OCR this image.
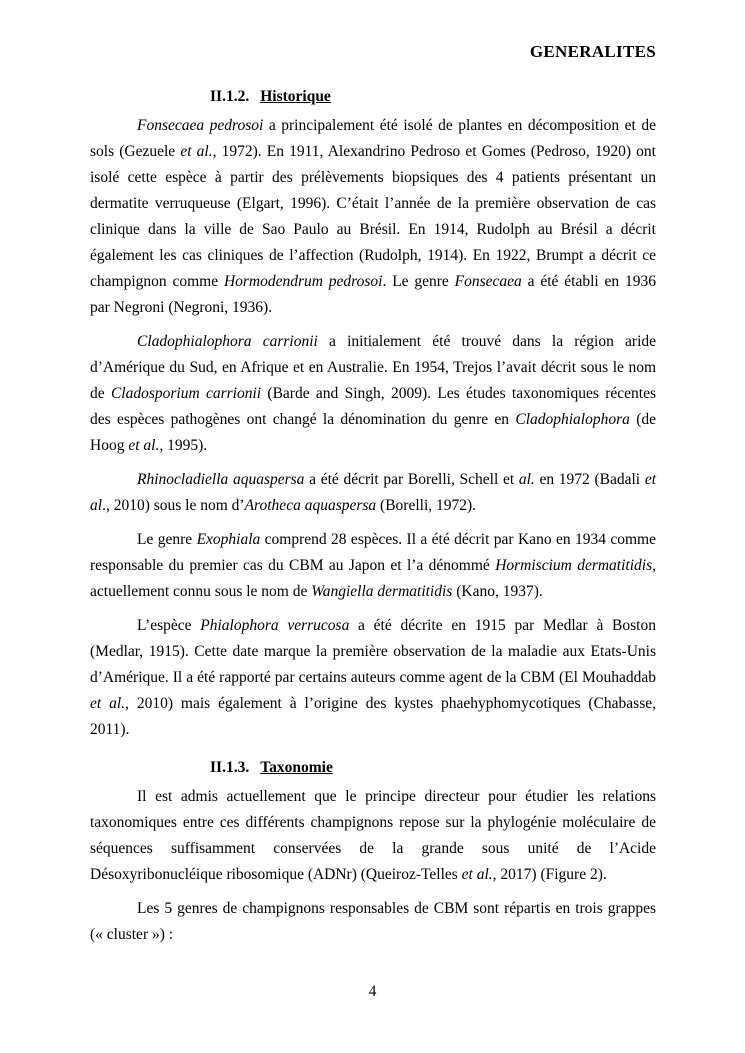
GENERALITES
II.1.2. Historique

Fonsecaea pedrosoi a principalement été isolé de plantes en décomposition et de sols (Gezuele et al., 1972). En 1911, Alexandrino Pedroso et Gomes (Pedroso, 1920) ont isolé cette espèce à partir des prélèvements biopsiques des 4 patients présentant un dermatite verruqueuse (Elgart, 1996). C’était l’année de la première observation de cas clinique dans la ville de Sao Paulo au Brésil. En 1914, Rudolph au Brésil a décrit également les cas cliniques de l’affection (Rudolph, 1914). En 1922, Brumpt a décrit ce champignon comme Hormodendrum pedrosoi. Le genre Fonsecaea a été établi en 1936 par Negroni (Negroni, 1936).

Cladophialophora carrionii a initialement été trouvé dans la région aride d’Amérique du Sud, en Afrique et en Australie. En 1954, Trejos l’avait décrit sous le nom de Cladosporium carrionii (Barde and Singh, 2009). Les études taxonomiques récentes des espèces pathogènes ont changé la dénomination du genre en Cladophialophora (de Hoog et al., 1995).

Rhinocladiella aquaspersa a été décrit par Borelli, Schell et al. en 1972 (Badali et al., 2010) sous le nom d’Arotheca aquaspersa (Borelli, 1972).

Le genre Exophiala comprend 28 espèces. Il a été décrit par Kano en 1934 comme responsable du premier cas du CBM au Japon et l’a dénommé Hormiscium dermatitidis, actuellement connu sous le nom de Wangiella dermatitidis (Kano, 1937).

L’espèce Phialophora verrucosa a été décrite en 1915 par Medlar à Boston (Medlar, 1915). Cette date marque la première observation de la maladie aux Etats-Unis d’Amérique. Il a été rapporté par certains auteurs comme agent de la CBM (El Mouhaddab et al., 2010) mais également à l’origine des kystes phaehyphomycotiques (Chabasse, 2011).

II.1.3. Taxonomie

Il est admis actuellement que le principe directeur pour étudier les relations taxonomiques entre ces différents champignons repose sur la phylogénie moléculaire de séquences suffisamment conservées de la grande sous unité de l’Acide Désoxyribonucléique ribosomique (ADNr) (Queiroz-Telles et al., 2017) (Figure 2).

Les 5 genres de champignons responsables de CBM sont répartis en trois grappes (« cluster ») :

4
